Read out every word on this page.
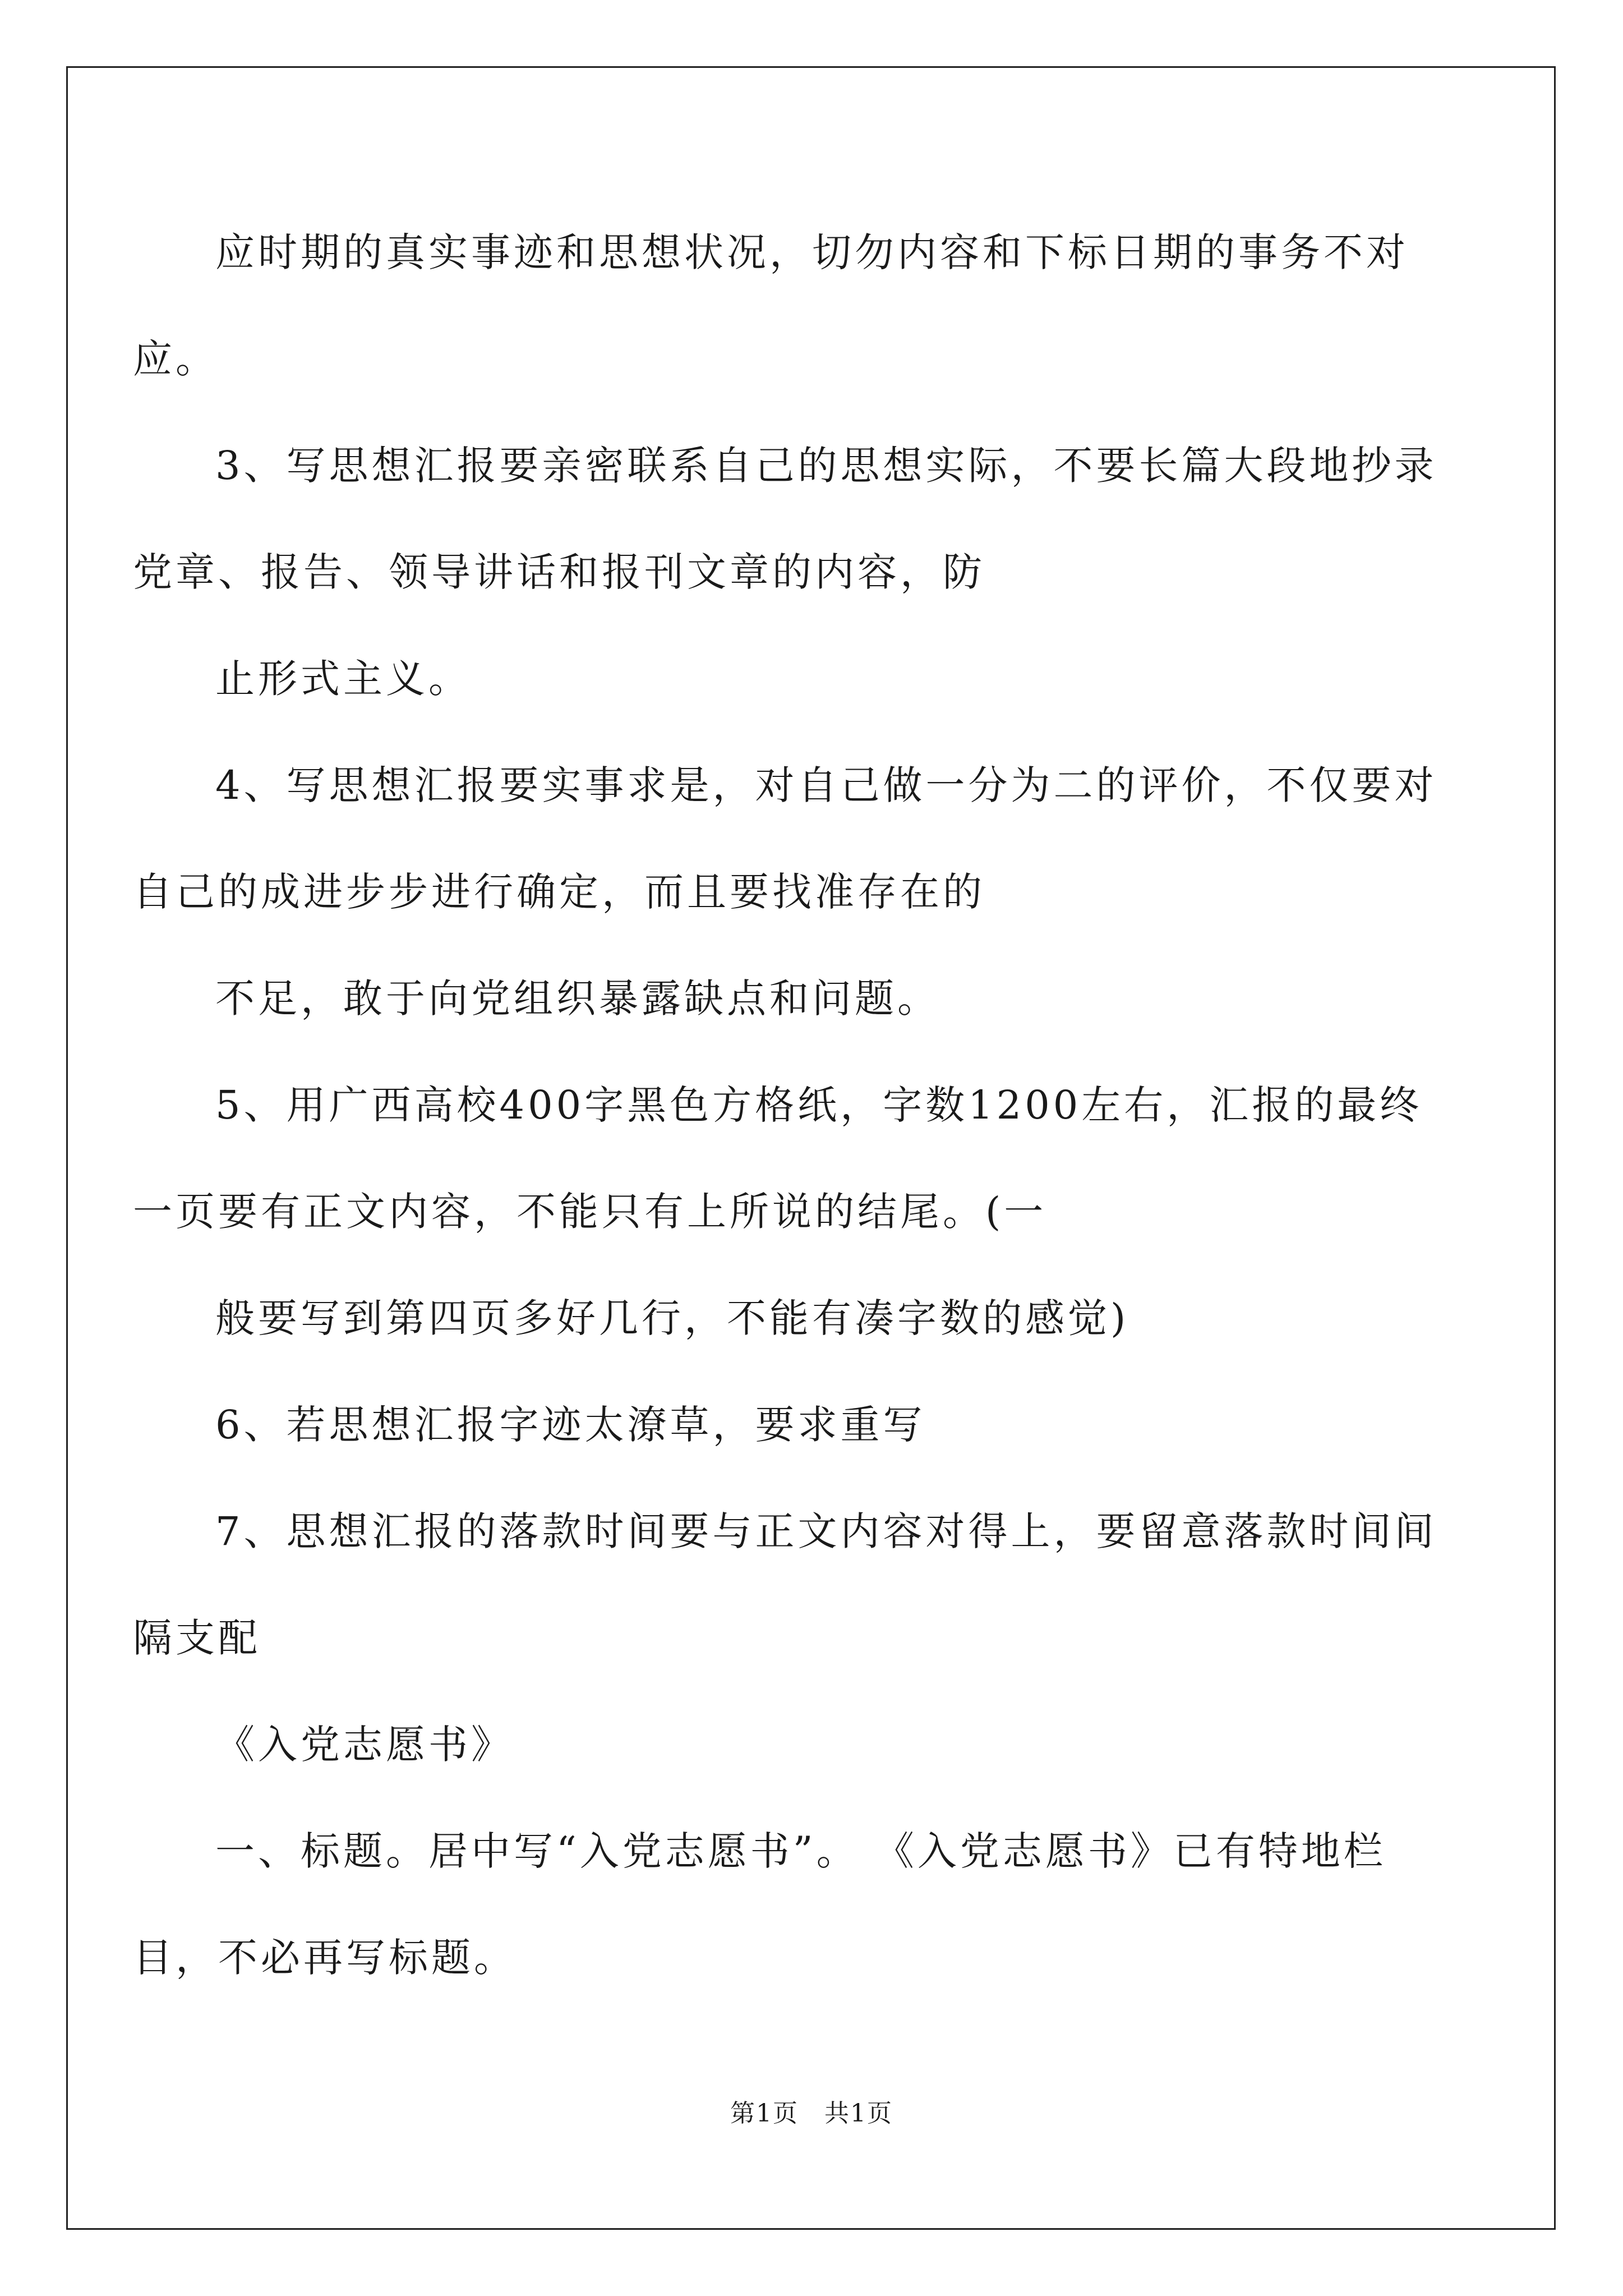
应时期的真实事迹和思想状况，切勿内容和下标日期的事务不对
应。
3、写思想汇报要亲密联系自己的思想实际，不要长篇大段地抄录
党章、报告、领导讲话和报刊文章的内容，防
止形式主义。
4、写思想汇报要实事求是，对自己做一分为二的评价，不仅要对
自己的成进步步进行确定，而且要找准存在的
不足，敢于向党组织暴露缺点和问题。
5、用广西高校400字黑色方格纸，字数1200左右，汇报的最终
一页要有正文内容，不能只有上所说的结尾。(一
般要写到第四页多好几行，不能有凑字数的感觉)
6、若思想汇报字迹太潦草，要求重写
7、思想汇报的落款时间要与正文内容对得上，要留意落款时间间
隔支配
《入党志愿书》
一、标题。居中写“入党志愿书”。 《入党志愿书》已有特地栏
目，不必再写标题。
第1页　共1页
